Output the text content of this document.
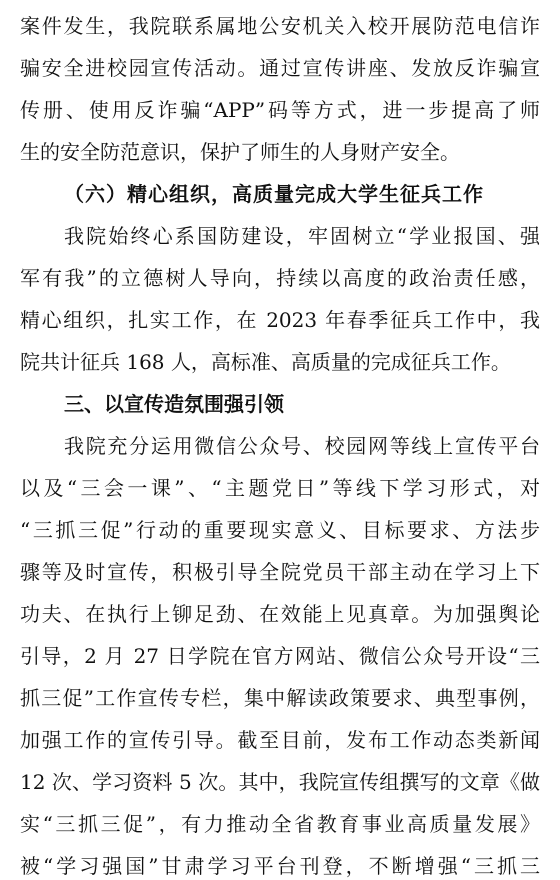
案件发生，我院联系属地公安机关入校开展防范电信诈
骗安全进校园宣传活动。通过宣传讲座、发放反诈骗宣
传册、使用反诈骗“APP”码等方式，进一步提高了师
生的安全防范意识，保护了师生的人身财产安全。
（六）精心组织，高质量完成大学生征兵工作
我院始终心系国防建设，牢固树立“学业报国、强
军有我”的立德树人导向，持续以高度的政治责任感，
精心组织，扎实工作，在 2023 年春季征兵工作中，我
院共计征兵 168 人，高标准、高质量的完成征兵工作。
三、以宣传造氛围强引领
我院充分运用微信公众号、校园网等线上宣传平台
以及“三会一课”、“主题党日”等线下学习形式，对
“三抓三促”行动的重要现实意义、目标要求、方法步
骤等及时宣传，积极引导全院党员干部主动在学习上下
功夫、在执行上铆足劲、在效能上见真章。为加强舆论
引导，2 月 27 日学院在官方网站、微信公众号开设“三
抓三促”工作宣传专栏，集中解读政策要求、典型事例，
加强工作的宣传引导。截至目前，发布工作动态类新闻
12 次、学习资料 5 次。其中，我院宣传组撰写的文章《做
实“三抓三促”，有力推动全省教育事业高质量发展》
被“学习强国”甘肃学习平台刊登，不断增强“三抓三
